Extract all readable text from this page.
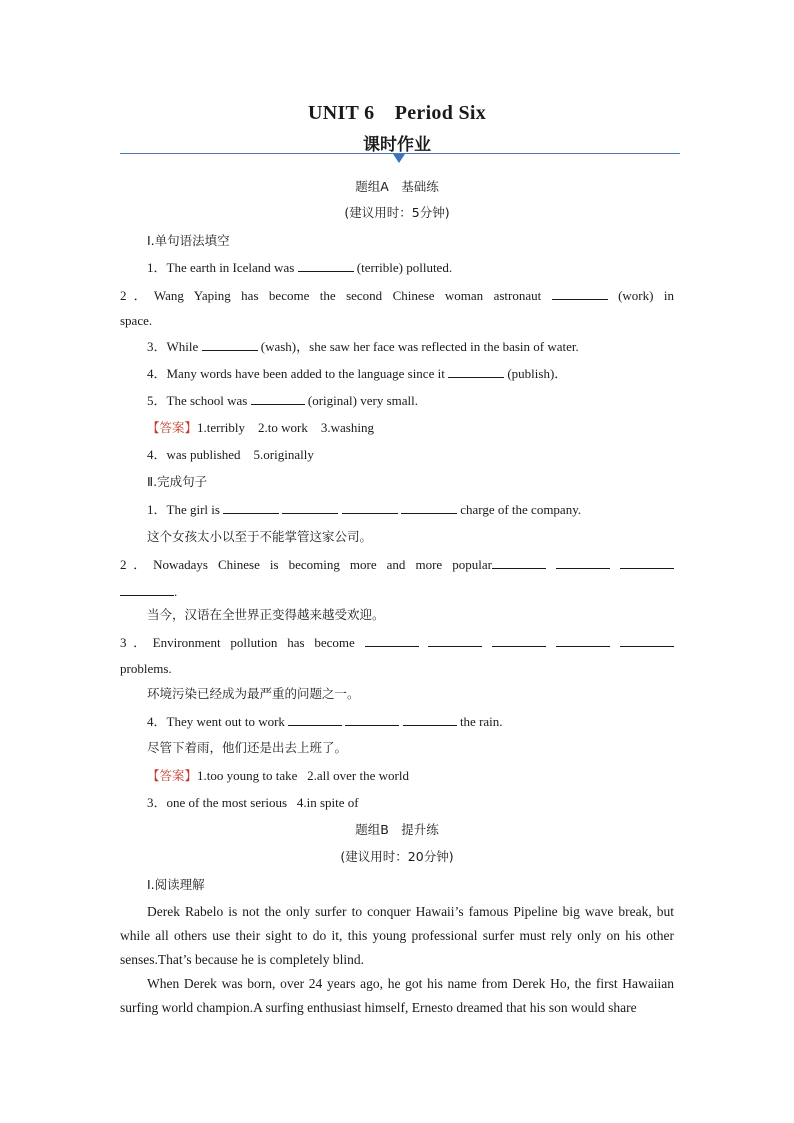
UNIT 6　Period Six
课时作业
题组A　基础练
(建议用时：5分钟)
Ⅰ.单句语法填空
1．The earth in Iceland was	(terrible) polluted.
2．Wang Yaping has become the second Chinese woman astronaut	(work) in
space.
3．While	(wash)，she saw her face was reflected in the basin of water.
4．Many words have been added to the language since it	(publish)．
5．The school was	(original) very small.
【答案】1.terribly    2.to work    3.washing
4．was published    5.originally
Ⅱ.完成句子
1．The girl is	charge of the company.
这个女孩太小以至于不能掌管这家公司。
2．Nowadays Chinese is becoming more and more popular
.
当今，汉语在全世界正变得越来越受欢迎。
3．Environment pollution has become
problems.
环境污染已经成为最严重的问题之一。
4．They went out to work	the rain.
尽管下着雨，他们还是出去上班了。
【答案】1.too young to take   2.all over the world
3．one of the most serious   4.in spite of
题组B　提升练
(建议用时：20分钟)
Ⅰ.阅读理解
Derek Rabelo is not the only surfer to conquer Hawaii’s famous Pipeline big wave break, but while all others use their sight to do it, this young professional surfer must rely only on his other senses.That’s because he is completely blind.
When Derek was born, over 24 years ago, he got his name from Derek Ho, the first Hawaiian surfing world champion.A surfing enthusiast himself, Ernesto dreamed that his son would share
